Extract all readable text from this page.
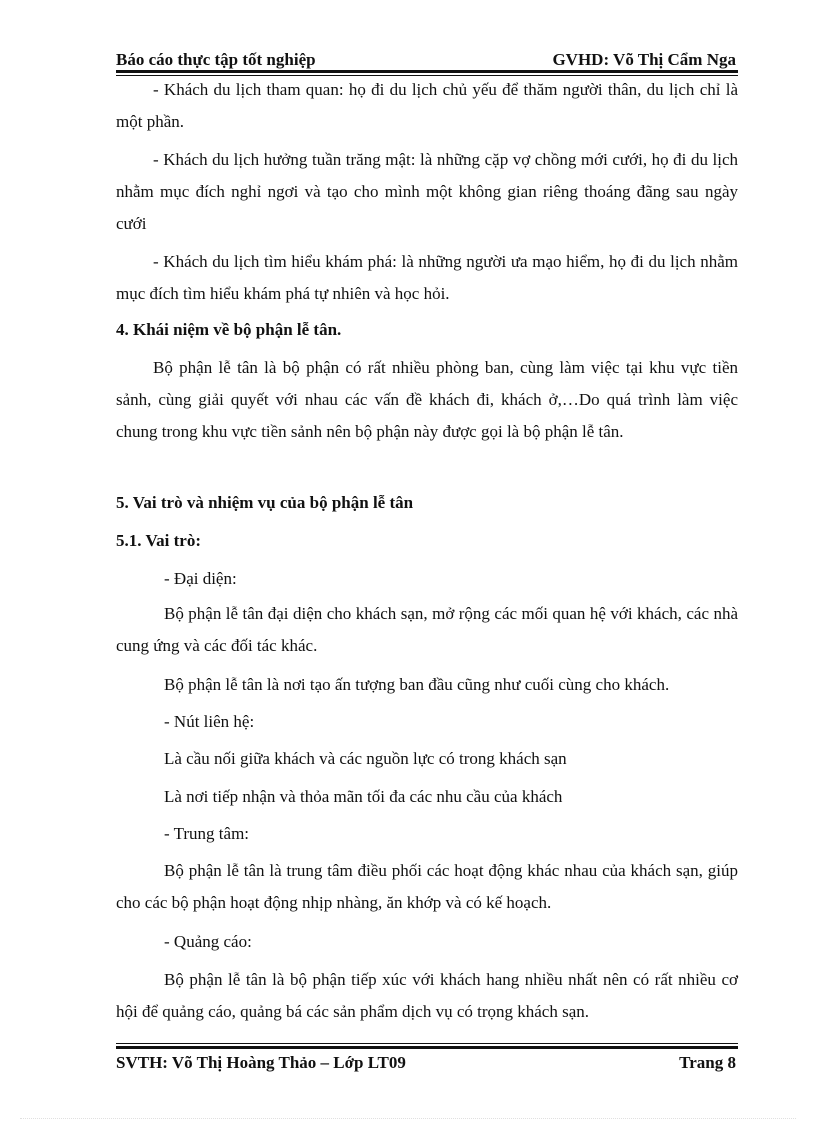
Báo cáo thực tập tốt nghiệp	GVHD: Võ Thị Cẩm Nga
- Khách du lịch tham quan: họ đi du lịch chủ yếu để thăm người thân, du lịch chỉ là một phần.
- Khách du lịch hưởng tuần trăng mật: là những cặp vợ chồng mới cưới, họ đi du lịch nhằm mục đích nghỉ ngơi và tạo cho mình một không gian riêng thoáng đãng sau ngày cưới
- Khách du lịch tìm hiểu khám phá: là những người ưa mạo hiểm, họ đi du lịch nhằm mục đích tìm hiểu khám phá tự nhiên và học hỏi.
4. Khái niệm về bộ phận lễ tân.
Bộ phận lễ tân là bộ phận có rất nhiều phòng ban, cùng làm việc tại khu vực tiền sảnh, cùng giải quyết với nhau các vấn đề khách đi, khách ở,…Do quá trình làm việc chung trong khu vực tiền sảnh nên bộ phận này được gọi là bộ phận lễ tân.
5. Vai trò và nhiệm vụ của bộ phận lễ tân
5.1. Vai trò:
- Đại diện:
Bộ phận lễ tân đại diện cho khách sạn, mở rộng các mối quan hệ với khách, các nhà cung ứng và các đối tác khác.
Bộ phận lễ tân là nơi tạo ấn tượng ban đầu cũng như cuối cùng cho khách.
- Nút liên hệ:
Là cầu nối giữa khách và các nguồn lực có trong khách sạn
Là nơi tiếp nhận và thỏa mãn tối đa các nhu cầu của khách
- Trung tâm:
Bộ phận lễ tân là trung tâm điều phối các hoạt động khác nhau của khách sạn, giúp cho các bộ phận hoạt động nhịp nhàng, ăn khớp và có kế hoạch.
- Quảng cáo:
Bộ phận lễ tân là bộ phận tiếp xúc với khách hang nhiều nhất nên có rất nhiều cơ hội để quảng cáo, quảng bá các sản phẩm dịch vụ có trọng khách sạn.
SVTH: Võ Thị Hoàng Thảo – Lớp LT09	Trang 8
